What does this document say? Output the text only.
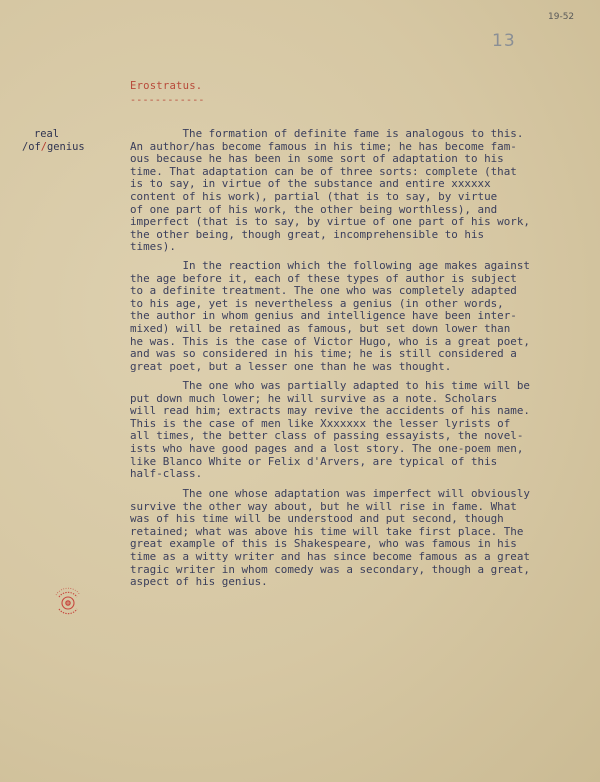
19-52
13
Erostratus.
------------
real
/of/genius
The formation of definite fame is analogous to this.
An author/has become famous in his time; he has become fam-
ous because he has been in some sort of adaptation to his
time. That adaptation can be of three sorts: complete (that
is to say, in virtue of the substance and entire xxxxxx
content of his work), partial (that is to say, by virtue
of one part of his work, the other being worthless), and
imperfect (that is to say, by virtue of one part of his work,
the other being, though great, incomprehensible to his
times).
In the reaction which the following age makes against
the age before it, each of these types of author is subject
to a definite treatment. The one who was completely adapted
to his age, yet is nevertheless a genius (in other words,
the author in whom genius and intelligence have been inter-
mixed) will be retained as famous, but set down lower than
he was. This is the case of Victor Hugo, who is a great poet,
and was so considered in his time; he is still considered a
great poet, but a lesser one than he was thought.
The one who was partially adapted to his time will be
put down much lower; he will survive as a note. Scholars
will read him; extracts may revive the accidents of his name.
This is the case of men like Xxxxxxx the lesser lyrists of
all times, the better class of passing essayists, the novel-
ists who have good pages and a lost story. The one-poem men,
like Blanco White or Felix d'Arvers, are typical of this
half-class.
The one whose adaptation was imperfect will obviously
survive the other way about, but he will rise in fame. What
was of his time will be understood and put second, though
retained; what was above his time will take first place. The
great example of this is Shakespeare, who was famous in his
time as a witty writer and has since become famous as a great
tragic writer in whom comedy was a secondary, though a great,
aspect of his genius.
